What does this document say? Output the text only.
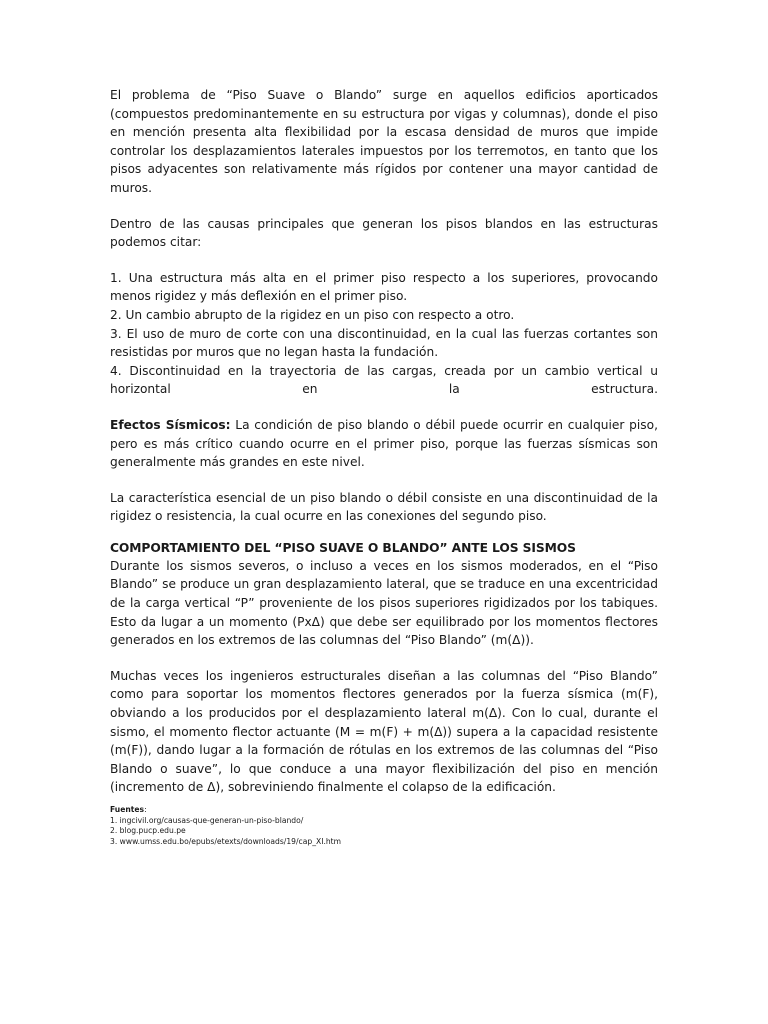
El problema de “Piso Suave o Blando” surge en aquellos edificios aporticados (compuestos predominantemente en su estructura por vigas y columnas), donde el piso en mención presenta alta flexibilidad por la escasa densidad de muros que impide controlar los desplazamientos laterales impuestos por los terremotos, en tanto que los pisos adyacentes son relativamente más rígidos por contener una mayor cantidad de muros.

Dentro de las causas principales que generan los pisos blandos en las estructuras podemos citar:

1. Una estructura más alta en el primer piso respecto a los superiores, provocando menos rigidez y más deflexión en el primer piso.
2. Un cambio abrupto de la rigidez en un piso con respecto a otro.
3. El uso de muro de corte con una discontinuidad, en la cual las fuerzas cortantes son resistidas por muros que no legan hasta la fundación.
4. Discontinuidad en la trayectoria de las cargas, creada por un cambio vertical u horizontal en la estructura.

Efectos Sísmicos: La condición de piso blando o débil puede ocurrir en cualquier piso, pero es más crítico cuando ocurre en el primer piso, porque las fuerzas sísmicas son generalmente más grandes en este nivel.

La característica esencial de un piso blando o débil consiste en una discontinuidad de la rigidez o resistencia, la cual ocurre en las conexiones del segundo piso.

COMPORTAMIENTO DEL “PISO SUAVE O BLANDO” ANTE LOS SISMOS

Durante los sismos severos, o incluso a veces en los sismos moderados, en el “Piso Blando” se produce un gran desplazamiento lateral, que se traduce en una excentricidad de la carga vertical “P” proveniente de los pisos superiores rigidizados por los tabiques. Esto da lugar a un momento (PxΔ) que debe ser equilibrado por los momentos flectores generados en los extremos de las columnas del “Piso Blando” (m(Δ)).

Muchas veces los ingenieros estructurales diseñan a las columnas del “Piso Blando” como para soportar los momentos flectores generados por la fuerza sísmica (m(F), obviando a los producidos por el desplazamiento lateral m(Δ). Con lo cual, durante el sismo, el momento flector actuante (M = m(F) + m(Δ)) supera a la capacidad resistente (m(F)), dando lugar a la formación de rótulas en los extremos de las columnas del “Piso Blando o suave”, lo que conduce a una mayor flexibilización del piso en mención (incremento de Δ), sobreviniendo finalmente el colapso de la edificación.

Fuentes:
1. ingcivil.org/causas-que-generan-un-piso-blando/
2. blog.pucp.edu.pe
3. www.umss.edu.bo/epubs/etexts/downloads/19/cap_XI.htm
